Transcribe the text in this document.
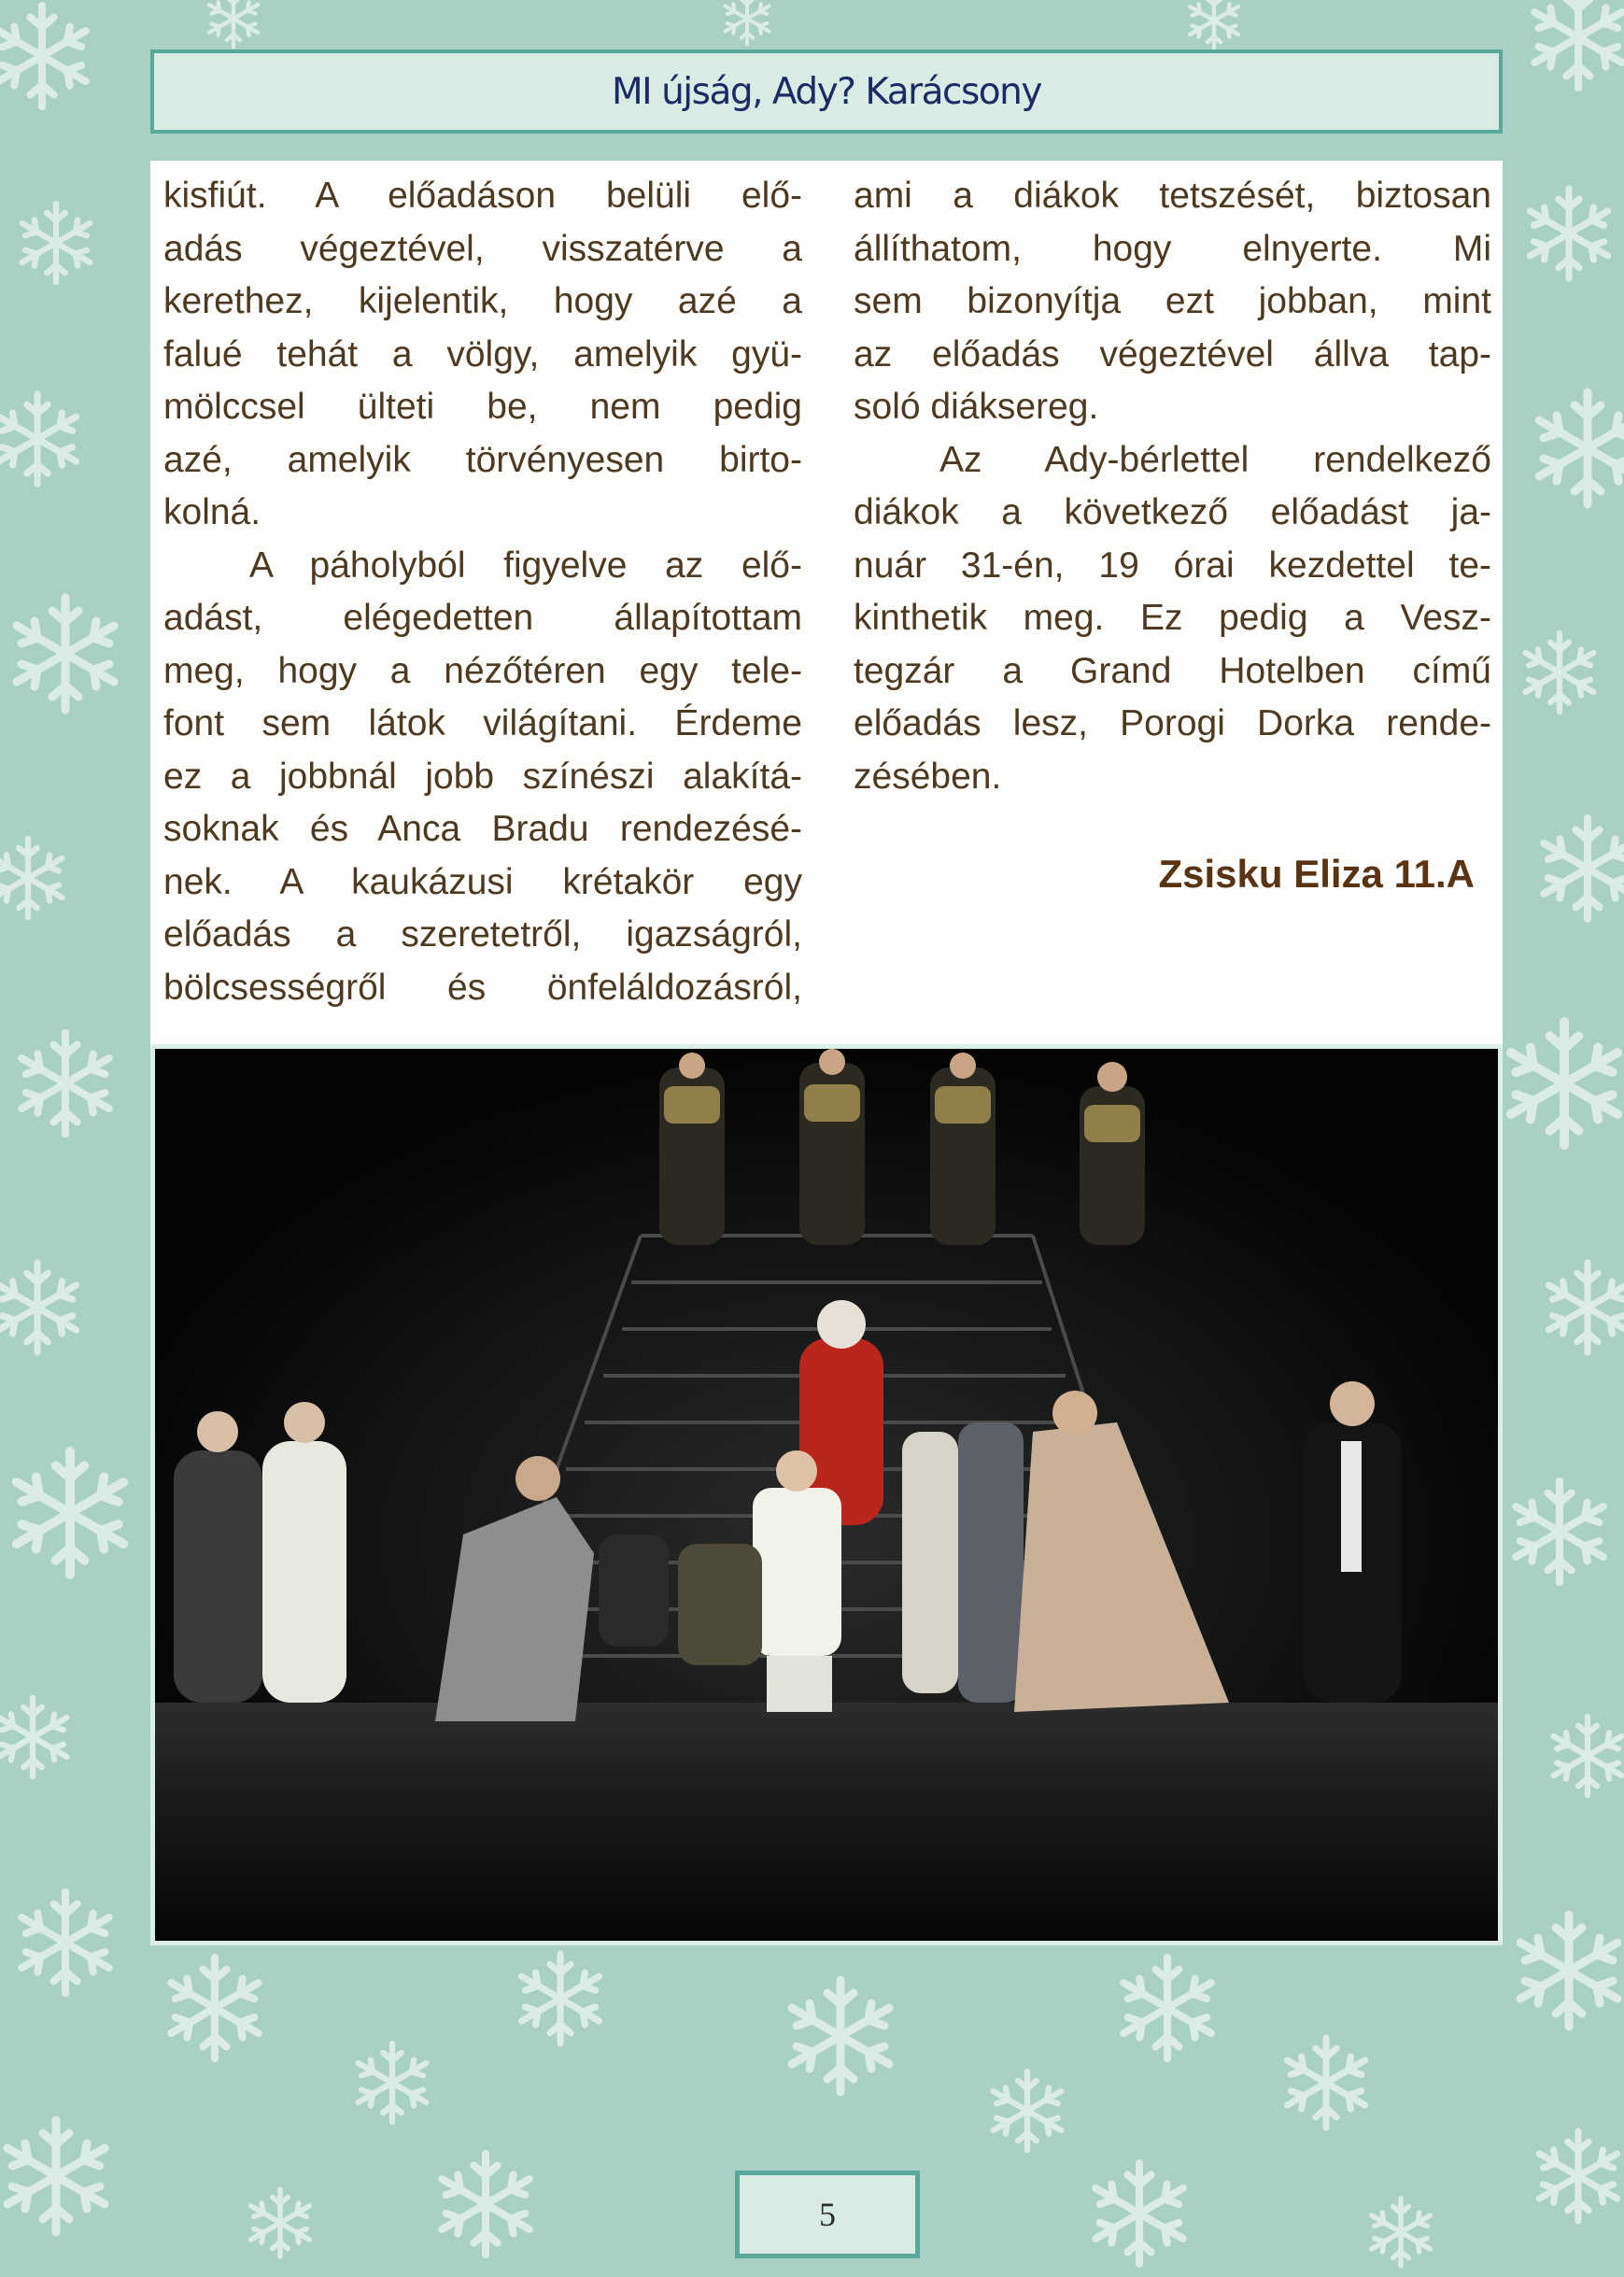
MI újság, Ady? Karácsony

kisfiút. A előadáson belüli elő-
adás végeztével, visszatérve a
kerethez, kijelentik, hogy azé a
falué tehát a völgy, amelyik gyü-
mölccsel ülteti be, nem pedig
azé, amelyik törvényesen birto-
kolná.

A páholyból figyelve az elő-
adást, elégedetten állapítottam
meg, hogy a nézőtéren egy tele-
font sem látok világítani. Érdeme
ez a jobbnál jobb színészi alakítá-
soknak és Anca Bradu rendezésé-
nek. A kaukázusi krétakör egy
előadás a szeretetről, igazságról,
bölcsességről és önfeláldozásról,

ami a diákok tetszését, biztosan
állíthatom, hogy elnyerte. Mi
sem bizonyítja ezt jobban, mint
az előadás végeztével állva tap-
soló diáksereg.

Az Ady-bérlettel rendelkező
diákok a következő előadást ja-
nuár 31-én, 19 órai kezdettel te-
kinthetik meg. Ez pedig a Vesz-
tegzár a Grand Hotelben című
előadás lesz, Porogi Dorka rende-
zésében.

Zsisku Eliza 11.A
5
